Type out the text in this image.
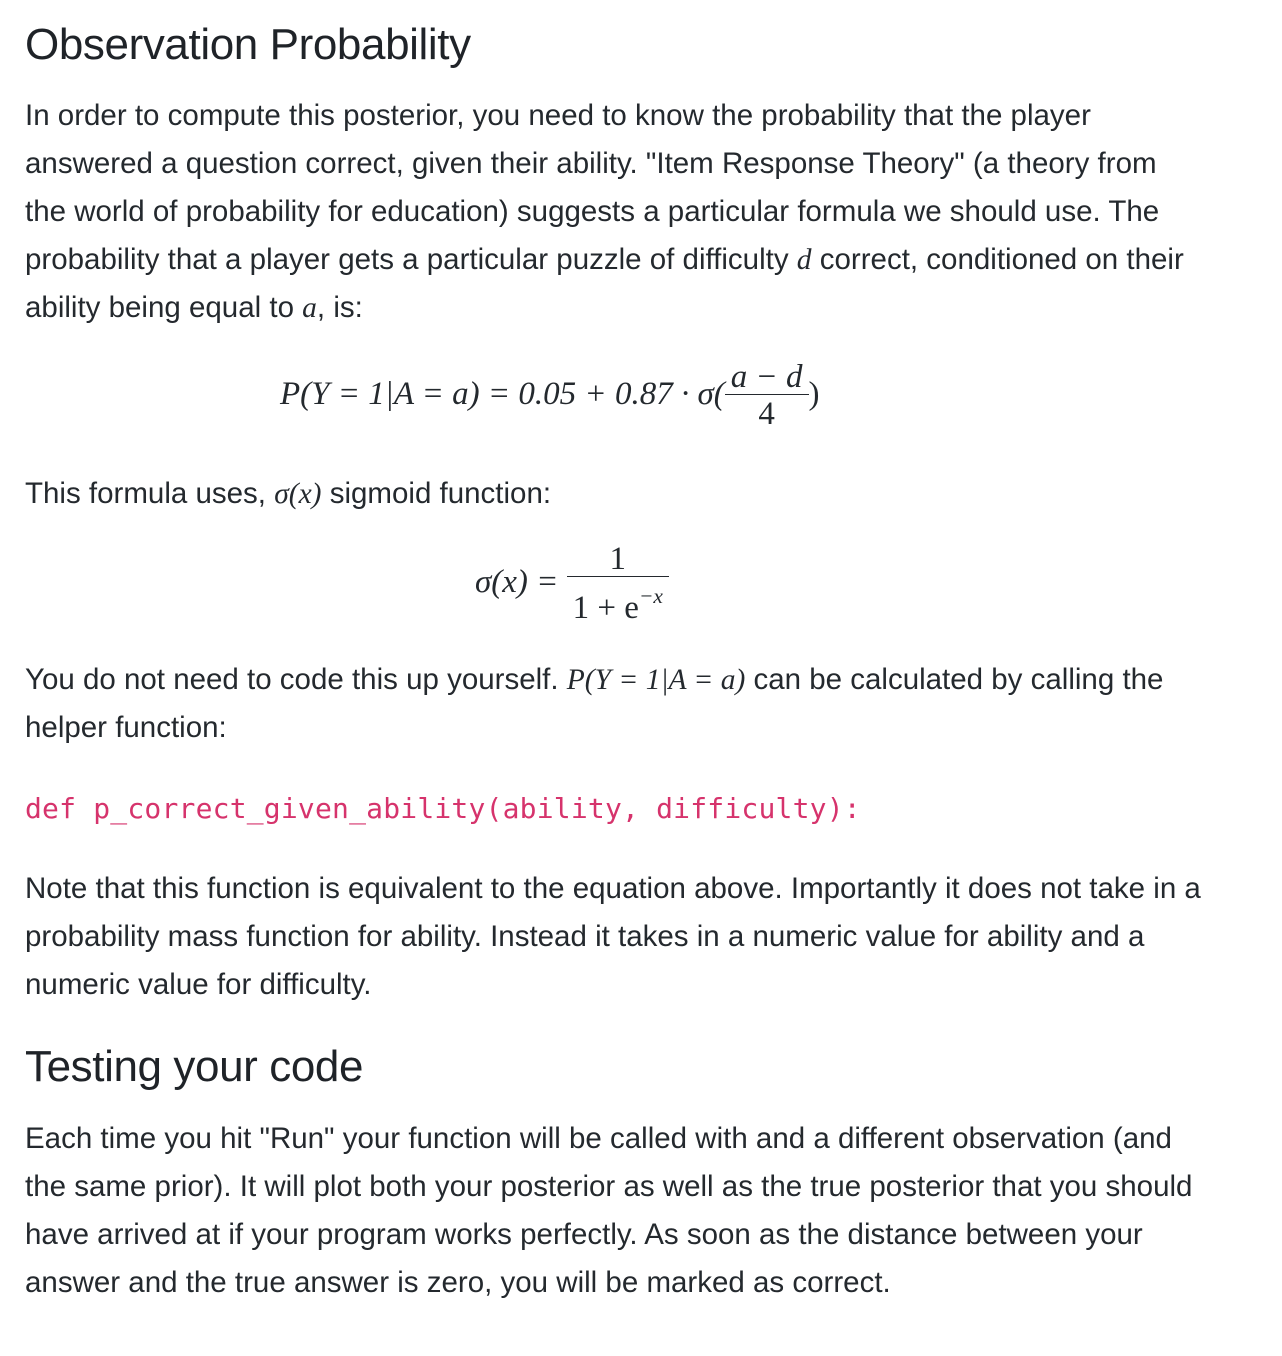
Observation Probability

In order to compute this posterior, you need to know the probability that the player answered a question correct, given their ability. "Item Response Theory" (a theory from the world of probability for education) suggests a particular formula we should use. The probability that a player gets a particular puzzle of difficulty d correct, conditioned on their ability being equal to a, is:

$P(Y = 1|A = a) = 0.05 + 0.87 \cdot \sigma( \frac{a - d}{4}$ )

This formula uses, σ(x) sigmoid function:

$\sigma(x) = \frac{1}{1 + e^{-x}}$

You do not need to code this up yourself. P(Y = 1|A = a) can be calculated by calling the helper function:

def p_correct_given_ability(ability, difficulty):

Note that this function is equivalent to the equation above. Importantly it does not take in a probability mass function for ability. Instead it takes in a numeric value for ability and a numeric value for difficulty.

Testing your code

Each time you hit "Run" your function will be called with and a different observation (and the same prior). It will plot both your posterior as well as the true posterior that you should have arrived at if your program works perfectly. As soon as the distance between your answer and the true answer is zero, you will be marked as correct.
